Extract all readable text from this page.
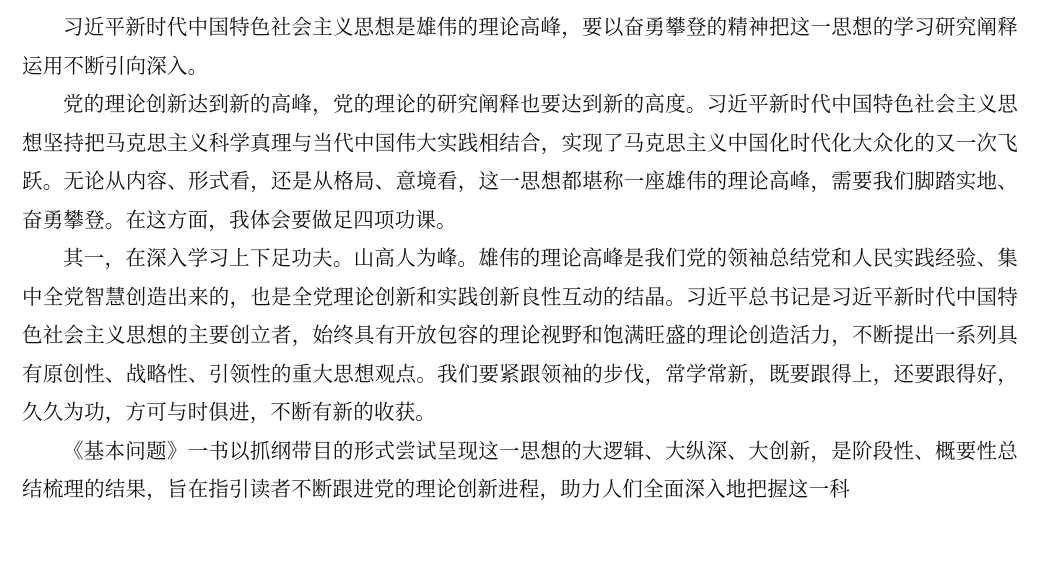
习近平新时代中国特色社会主义思想是雄伟的理论高峰，要以奋勇攀登的精神把这一思想的学习研究阐释运用不断引向深入。

党的理论创新达到新的高峰，党的理论的研究阐释也要达到新的高度。习近平新时代中国特色社会主义思想坚持把马克思主义科学真理与当代中国伟大实践相结合，实现了马克思主义中国化时代化大众化的又一次飞跃。无论从内容、形式看，还是从格局、意境看，这一思想都堪称一座雄伟的理论高峰，需要我们脚踏实地、奋勇攀登。在这方面，我体会要做足四项功课。

其一，在深入学习上下足功夫。山高人为峰。雄伟的理论高峰是我们党的领袖总结党和人民实践经验、集中全党智慧创造出来的，也是全党理论创新和实践创新良性互动的结晶。习近平总书记是习近平新时代中国特色社会主义思想的主要创立者，始终具有开放包容的理论视野和饱满旺盛的理论创造活力，不断提出一系列具有原创性、战略性、引领性的重大思想观点。我们要紧跟领袖的步伐，常学常新，既要跟得上，还要跟得好，久久为功，方可与时俱进，不断有新的收获。

《基本问题》一书以抓纲带目的形式尝试呈现这一思想的大逻辑、大纵深、大创新，是阶段性、概要性总结梳理的结果，旨在指引读者不断跟进党的理论创新进程，助力人们全面深入地把握这一科
